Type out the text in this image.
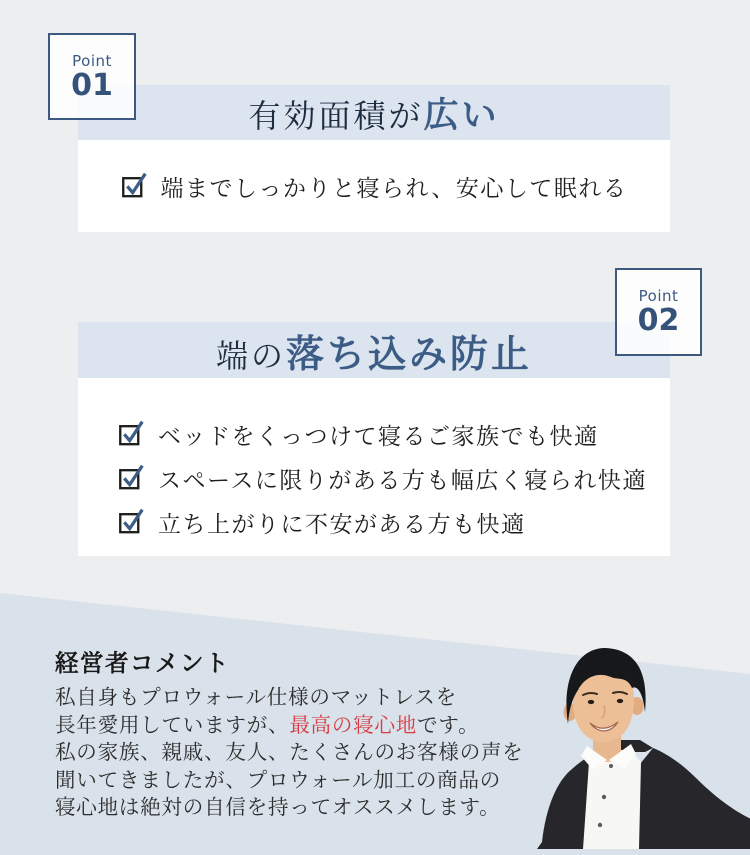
有効面積が広い
端までしっかりと寝られ、安心して眠れる
Point
01
端の落ち込み防止
Point
02
ベッドをくっつけて寝るご家族でも快適
スペースに限りがある方も幅広く寝られ快適
立ち上がりに不安がある方も快適
経営者コメント

私自身もプロウォール仕様のマットレスを
長年愛用していますが、最高の寝心地です。
私の家族、親戚、友人、たくさんのお客様の声を
聞いてきましたが、プロウォール加工の商品の
寝心地は絶対の自信を持ってオススメします。
